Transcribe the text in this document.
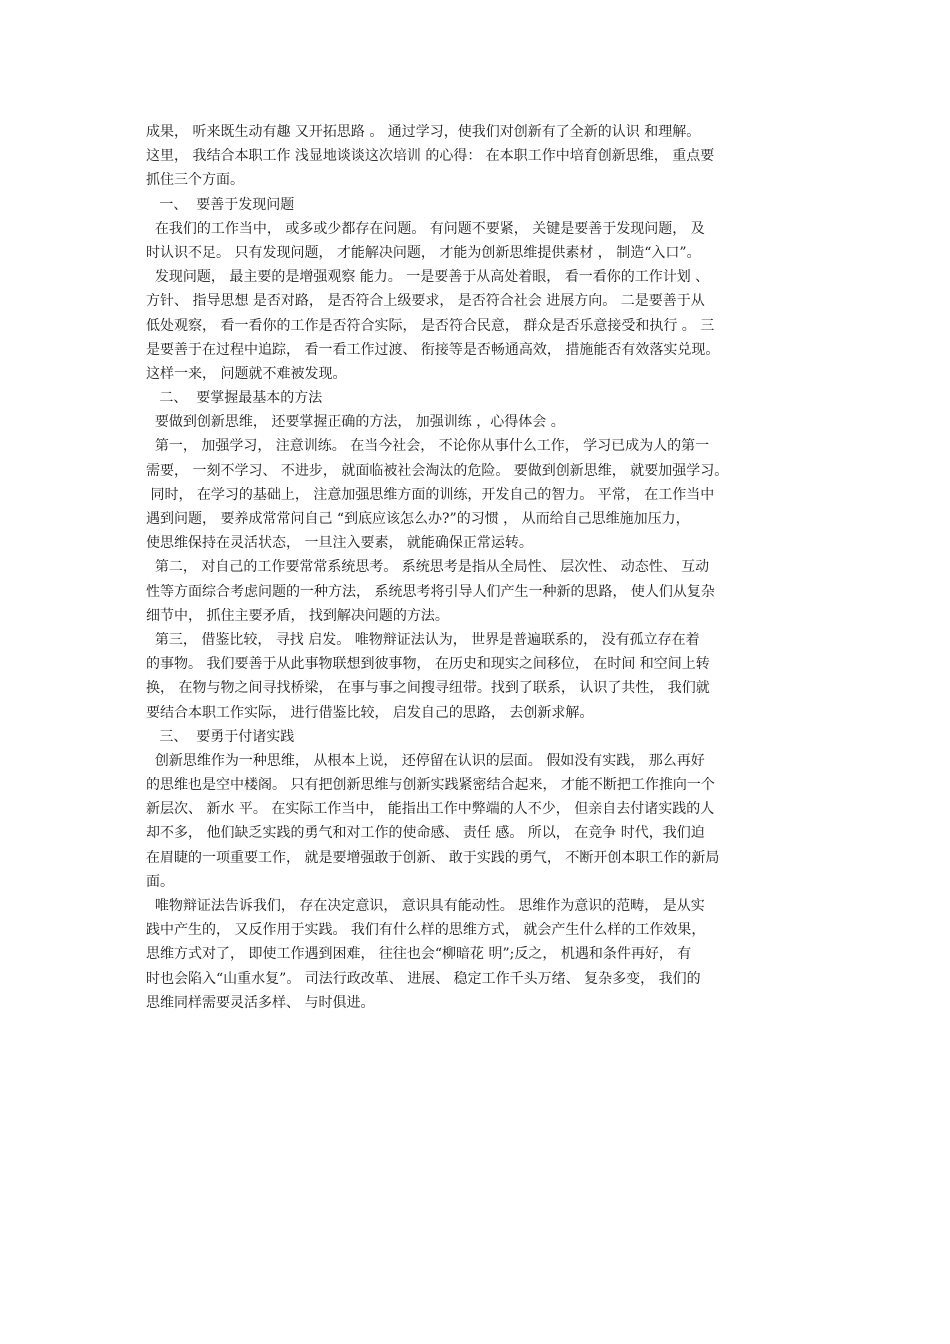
成果， 听来既生动有趣 又开拓思路 。 通过学习，使我们对创新有了全新的认识 和理解。
这里， 我结合本职工作 浅显地谈谈这次培训 的心得： 在本职工作中培育创新思维， 重点要
抓住三个方面。
一、  要善于发现问题
在我们的工作当中， 或多或少都存在问题。 有问题不要紧， 关键是要善于发现问题， 及
时认识不足。 只有发现问题， 才能解决问题， 才能为创新思维提供素材 ， 制造“入口”。
发现问题， 最主要的是增强观察 能力。 一是要善于从高处着眼， 看一看你的工作计划 、
方针、 指导思想 是否对路， 是否符合上级要求， 是否符合社会 进展方向。 二是要善于从
低处观察， 看一看你的工作是否符合实际， 是否符合民意， 群众是否乐意接受和执行 。 三
是要善于在过程中追踪， 看一看工作过渡、 衔接等是否畅通高效， 措施能否有效落实兑现。
这样一来， 问题就不难被发现。
二、  要掌握最基本的方法
要做到创新思维， 还要掌握正确的方法， 加强训练 ，心得体会 。
第一， 加强学习， 注意训练。 在当今社会， 不论你从事什么工作， 学习已成为人的第一
需要， 一刻不学习、 不进步， 就面临被社会淘汰的危险。 要做到创新思维， 就要加强学习。
同时， 在学习的基础上， 注意加强思维方面的训练，开发自己的智力。 平常， 在工作当中
遇到问题， 要养成常常问自己 “到底应该怎么办?”的习惯 ， 从而给自己思维施加压力，
使思维保持在灵活状态， 一旦注入要素， 就能确保正常运转。
第二， 对自己的工作要常常系统思考。 系统思考是指从全局性、 层次性、 动态性、 互动
性等方面综合考虑问题的一种方法， 系统思考将引导人们产生一种新的思路， 使人们从复杂
细节中， 抓住主要矛盾， 找到解决问题的方法。
第三， 借鉴比较， 寻找 启发。 唯物辩证法认为， 世界是普遍联系的， 没有孤立存在着
的事物。 我们要善于从此事物联想到彼事物， 在历史和现实之间移位， 在时间 和空间上转
换， 在物与物之间寻找桥梁， 在事与事之间搜寻纽带。找到了联系， 认识了共性， 我们就
要结合本职工作实际， 进行借鉴比较， 启发自己的思路， 去创新求解。
三、  要勇于付诸实践
创新思维作为一种思维， 从根本上说， 还停留在认识的层面。 假如没有实践， 那么再好
的思维也是空中楼阁。 只有把创新思维与创新实践紧密结合起来， 才能不断把工作推向一个
新层次、 新水 平。 在实际工作当中， 能指出工作中弊端的人不少， 但亲自去付诸实践的人
却不多， 他们缺乏实践的勇气和对工作的使命感、 责任 感。 所以， 在竞争 时代，我们迫
在眉睫的一项重要工作， 就是要增强敢于创新、 敢于实践的勇气， 不断开创本职工作的新局
面。
唯物辩证法告诉我们， 存在决定意识， 意识具有能动性。 思维作为意识的范畴， 是从实
践中产生的， 又反作用于实践。 我们有什么样的思维方式， 就会产生什么样的工作效果，
思维方式对了， 即使工作遇到困难， 往往也会“柳暗花 明”;反之， 机遇和条件再好， 有
时也会陷入“山重水复”。 司法行政改革、 进展、 稳定工作千头万绪、 复杂多变， 我们的
思维同样需要灵活多样、 与时俱进。
